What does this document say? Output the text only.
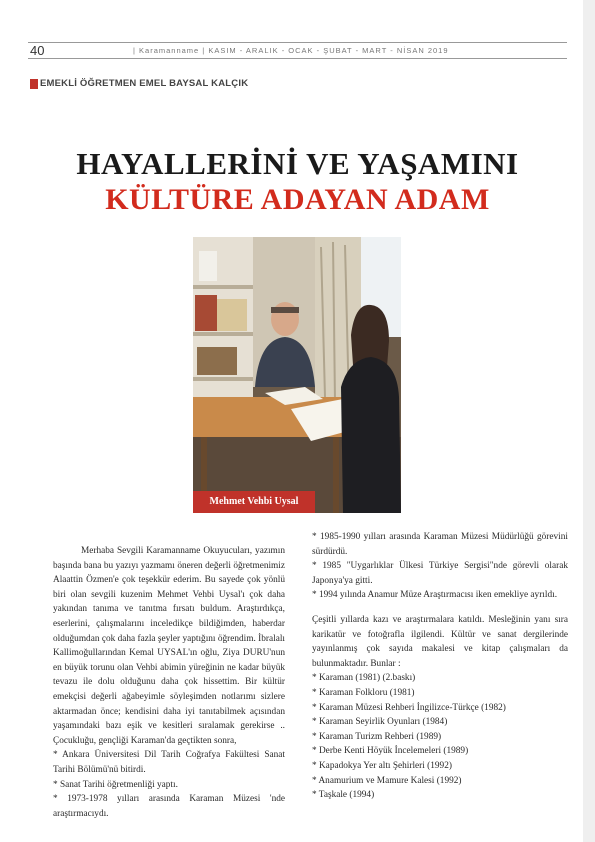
40	| Karamanname | KASIM - ARALIK - OCAK - ŞUBAT - MART - NİSAN 2019
EMEKLİ ÖĞRETMEN EMEL BAYSAL KALÇIK
HAYALLERİNİ VE YAŞAMINI
KÜLTÜRE ADAYAN ADAM
Mehmet Vehbi Uysal

Merhaba Sevgili Karamanname Okuyucuları, yazımın başında bana bu yazıyı yazmamı öneren değerli öğretmenimiz Alaattin Özmen'e çok teşekkür ederim. Bu sayede çok yönlü biri olan sevgili kuzenim Mehmet Vehbi Uysal'ı çok daha yakından tanıma ve tanıtma fırsatı buldum. Araştırdıkça, eserlerini, çalışmalarını inceledikçe bildiğimden, haberdar olduğumdan çok daha fazla şeyler yaptığını öğrendim. İbralalı Kallimoğullarından Kemal UYSAL'ın oğlu, Ziya DURU'nun en büyük torunu olan Vehbi abimin yüreğinin ne kadar büyük tevazu ile dolu olduğunu daha çok hissettim. Bir kültür emekçisi değerli ağabeyimle söyleşimden notlarımı sizlere aktarmadan önce; kendisini daha iyi tanıtabilmek açısından yaşamındaki bazı eşik ve kesitleri sıralamak gerekirse .. Çocukluğu, gençliği Karaman'da geçtikten sonra,

* Ankara Üniversitesi Dil Tarih Coğrafya Fakültesi Sanat Tarihi Bölümü'nü bitirdi.

* Sanat Tarihi öğretmenliği yaptı.

* 1973-1978 yılları arasında Karaman Müzesi 'nde araştırmacıydı.

* 1985-1990 yılları arasında Karaman Müzesi Müdürlüğü görevini sürdürdü.

* 1985 "Uygarlıklar Ülkesi Türkiye Sergisi"nde görevli olarak Japonya'ya gitti.

* 1994 yılında Anamur Müze Araştırmacısı iken emekliye ayrıldı.

Çeşitli yıllarda kazı ve araştırmalara katıldı. Mesleğinin yanı sıra karikatür ve fotoğrafla ilgilendi. Kültür ve sanat dergilerinde yayınlanmış çok sayıda makalesi ve kitap çalışmaları da bulunmaktadır. Bunlar :

* Karaman (1981) (2.baskı)

* Karaman Folkloru (1981)

* Karaman Müzesi Rehberi İngilizce-Türkçe (1982)

* Karaman Seyirlik Oyunları (1984)

* Karaman Turizm Rehberi (1989)

* Derbe Kenti Höyük İncelemeleri (1989)

* Kapadokya Yer altı Şehirleri (1992)

* Anamurium ve Mamure Kalesi (1992)

* Taşkale (1994)
